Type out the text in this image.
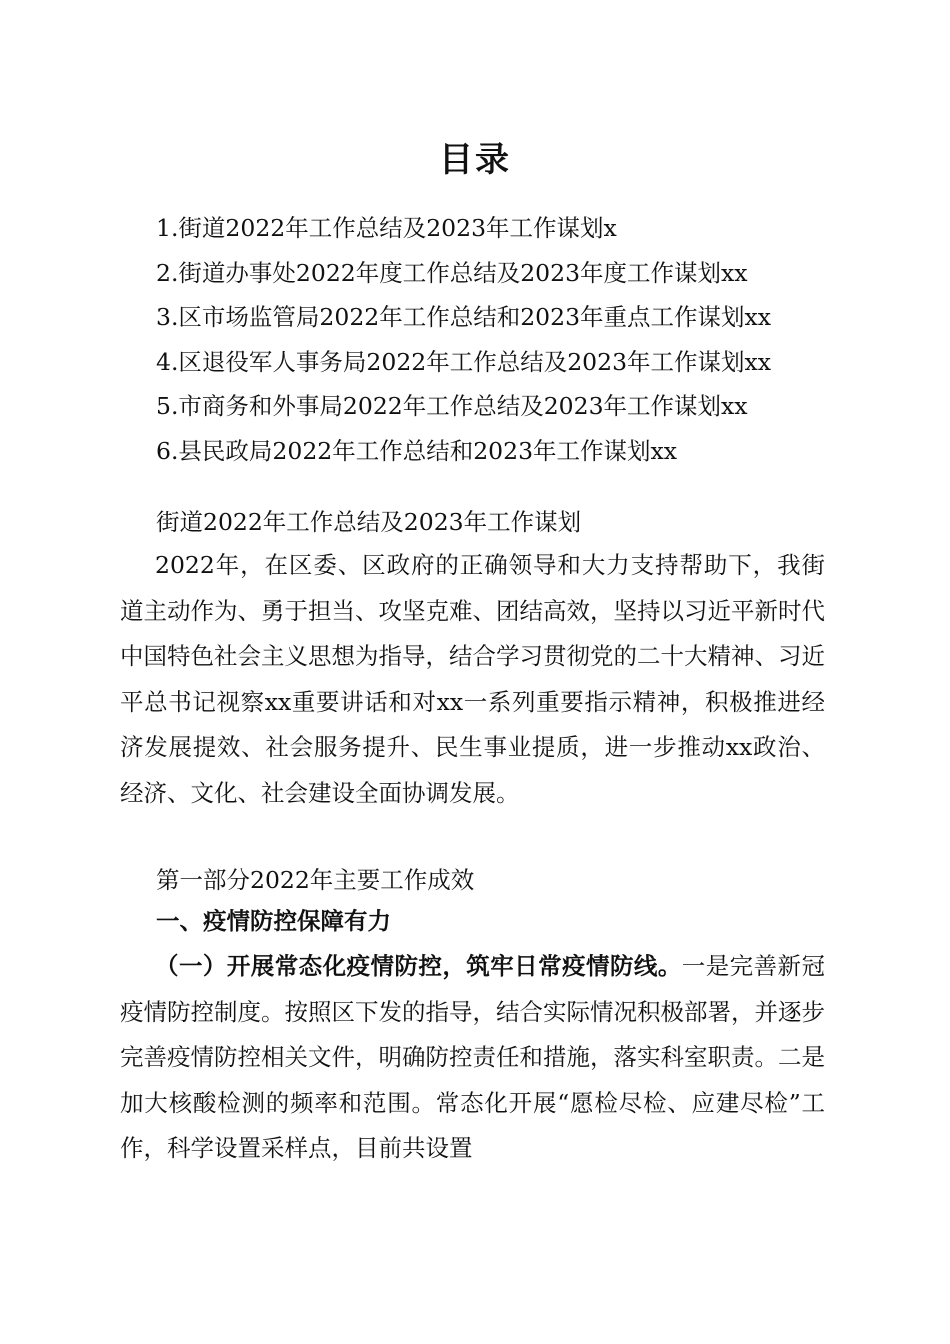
目录
1.街道2022年工作总结及2023年工作谋划x
2.街道办事处2022年度工作总结及2023年度工作谋划xx
3.区市场监管局2022年工作总结和2023年重点工作谋划xx
4.区退役军人事务局2022年工作总结及2023年工作谋划xx
5.市商务和外事局2022年工作总结及2023年工作谋划xx
6.县民政局2022年工作总结和2023年工作谋划xx
街道2022年工作总结及2023年工作谋划

2022年，在区委、区政府的正确领导和大力支持帮助下，我街道主动作为、勇于担当、攻坚克难、团结高效，坚持以习近平新时代中国特色社会主义思想为指导，结合学习贯彻党的二十大精神、习近平总书记视察xx重要讲话和对xx一系列重要指示精神，积极推进经济发展提效、社会服务提升、民生事业提质，进一步推动xx政治、经济、文化、社会建设全面协调发展。

第一部分2022年主要工作成效
一、疫情防控保障有力

（一）开展常态化疫情防控，筑牢日常疫情防线。一是完善新冠疫情防控制度。按照区下发的指导，结合实际情况积极部署，并逐步完善疫情防控相关文件，明确防控责任和措施，落实科室职责。二是加大核酸检测的频率和范围。常态化开展“愿检尽检、应建尽检”工作，科学设置采样点，目前共设置
